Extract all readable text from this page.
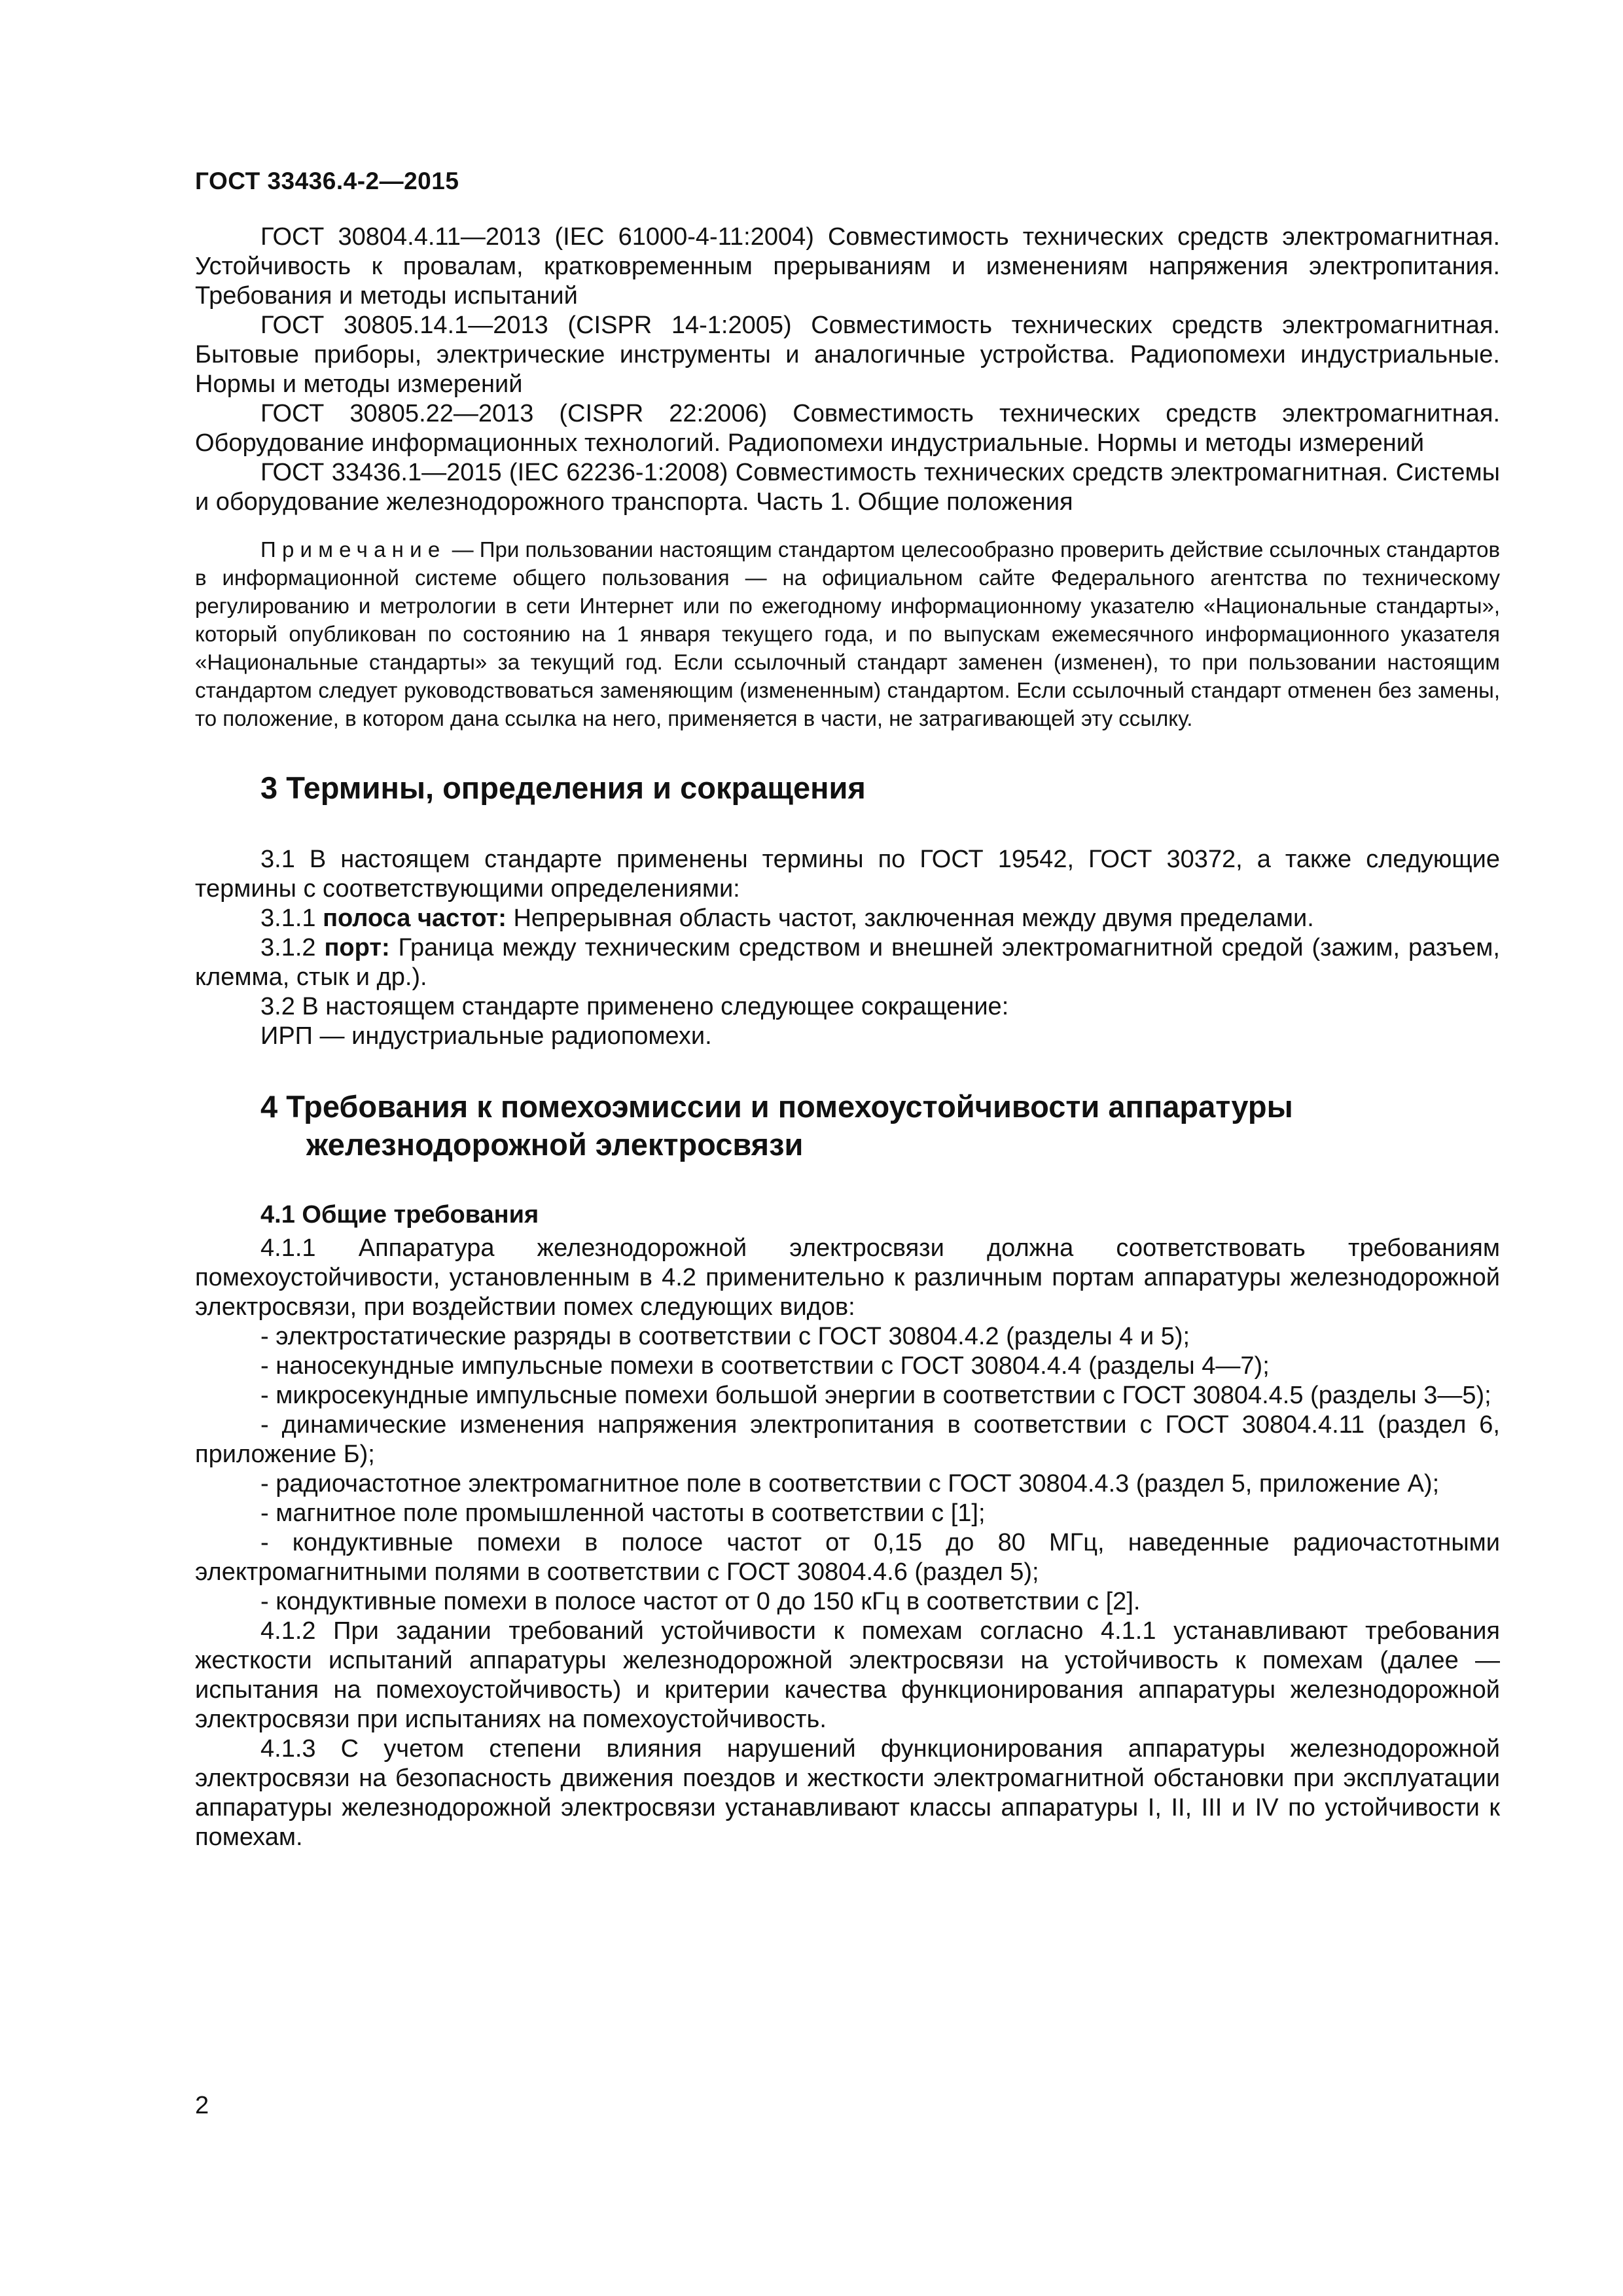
ГОСТ 33436.4-2—2015

ГОСТ 30804.4.11—2013 (IEC 61000-4-11:2004) Совместимость технических средств электромагнитная. Устойчивость к провалам, кратковременным прерываниям и изменениям напряжения электропитания. Требования и методы испытаний

ГОСТ 30805.14.1—2013 (CISPR 14-1:2005) Совместимость технических средств электромагнитная. Бытовые приборы, электрические инструменты и аналогичные устройства. Радиопомехи индустриальные. Нормы и методы измерений

ГОСТ 30805.22—2013 (CISPR 22:2006) Совместимость технических средств электромагнитная. Оборудование информационных технологий. Радиопомехи индустриальные. Нормы и методы измерений

ГОСТ 33436.1—2015 (IEC 62236-1:2008) Совместимость технических средств электромагнитная. Системы и оборудование железнодорожного транспорта. Часть 1. Общие положения

Примечание — При пользовании настоящим стандартом целесообразно проверить действие ссылочных стандартов в информационной системе общего пользования — на официальном сайте Федерального агентства по техническому регулированию и метрологии в сети Интернет или по ежегодному информационному указателю «Национальные стандарты», который опубликован по состоянию на 1 января текущего года, и по выпускам ежемесячного информационного указателя «Национальные стандарты» за текущий год. Если ссылочный стандарт заменен (изменен), то при пользовании настоящим стандартом следует руководствоваться заменяющим (измененным) стандартом. Если ссылочный стандарт отменен без замены, то положение, в котором дана ссылка на него, применяется в части, не затрагивающей эту ссылку.

3 Термины, определения и сокращения

3.1 В настоящем стандарте применены термины по ГОСТ 19542, ГОСТ 30372, а также следующие термины с соответствующими определениями:

3.1.1 полоса частот: Непрерывная область частот, заключенная между двумя пределами.

3.1.2 порт: Граница между техническим средством и внешней электромагнитной средой (зажим, разъем, клемма, стык и др.).

3.2 В настоящем стандарте применено следующее сокращение:

ИРП — индустриальные радиопомехи.

4 Требования к помехоэмиссии и помехоустойчивости аппаратуры железнодорожной электросвязи
4.1 Общие требования

4.1.1 Аппаратура железнодорожной электросвязи должна соответствовать требованиям помехоустойчивости, установленным в 4.2 применительно к различным портам аппаратуры железнодорожной электросвязи, при воздействии помех следующих видов:

- электростатические разряды в соответствии с ГОСТ 30804.4.2 (разделы 4 и 5);

- наносекундные импульсные помехи в соответствии с ГОСТ 30804.4.4 (разделы 4—7);

- микросекундные импульсные помехи большой энергии в соответствии с ГОСТ 30804.4.5 (разделы 3—5);

- динамические изменения напряжения электропитания в соответствии с ГОСТ 30804.4.11 (раздел 6, приложение Б);

- радиочастотное электромагнитное поле в соответствии с ГОСТ 30804.4.3 (раздел 5, приложение А);

- магнитное поле промышленной частоты в соответствии с [1];

- кондуктивные помехи в полосе частот от 0,15 до 80 МГц, наведенные радиочастотными электромагнитными полями в соответствии с ГОСТ 30804.4.6 (раздел 5);

- кондуктивные помехи в полосе частот от 0 до 150 кГц в соответствии с [2].

4.1.2 При задании требований устойчивости к помехам согласно 4.1.1 устанавливают требования жесткости испытаний аппаратуры железнодорожной электросвязи на устойчивость к помехам (далее — испытания на помехоустойчивость) и критерии качества функционирования аппаратуры железнодорожной электросвязи при испытаниях на помехоустойчивость.

4.1.3 С учетом степени влияния нарушений функционирования аппаратуры железнодорожной электросвязи на безопасность движения поездов и жесткости электромагнитной обстановки при эксплуатации аппаратуры железнодорожной электросвязи устанавливают классы аппаратуры I, II, III и IV по устойчивости к помехам.

2
